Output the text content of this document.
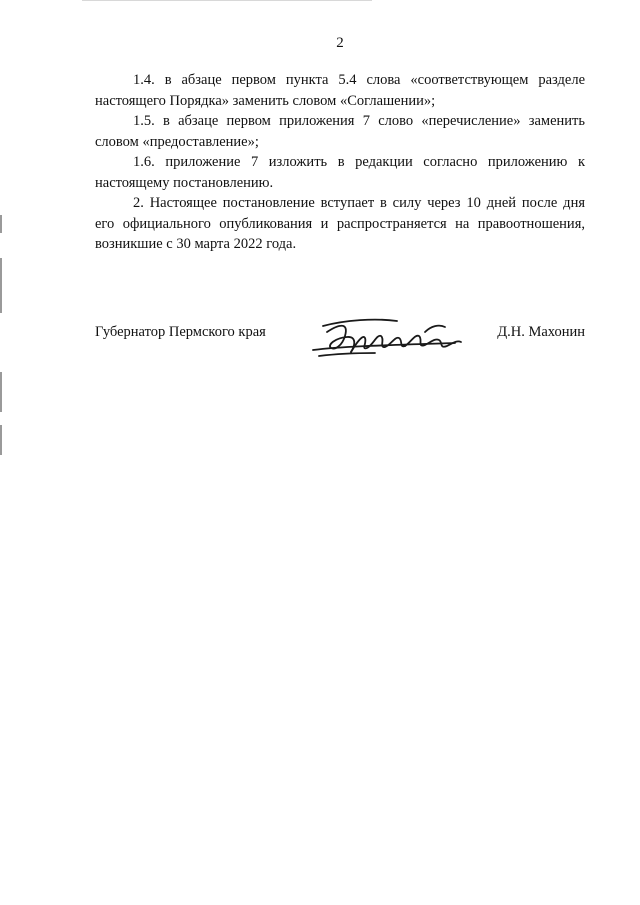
2

1.4. в абзаце первом пункта 5.4 слова «соответствующем разделе настоящего Порядка» заменить словом «Соглашении»;

1.5. в абзаце первом приложения 7 слово «перечисление» заменить словом «предоставление»;

1.6. приложение 7 изложить в редакции согласно приложению к настоящему постановлению.

2. Настоящее постановление вступает в силу через 10 дней после дня его официального опубликования и распространяется на правоотношения, возникшие с 30 марта 2022 года.

Губернатор Пермского края	Д.Н. Махонин
